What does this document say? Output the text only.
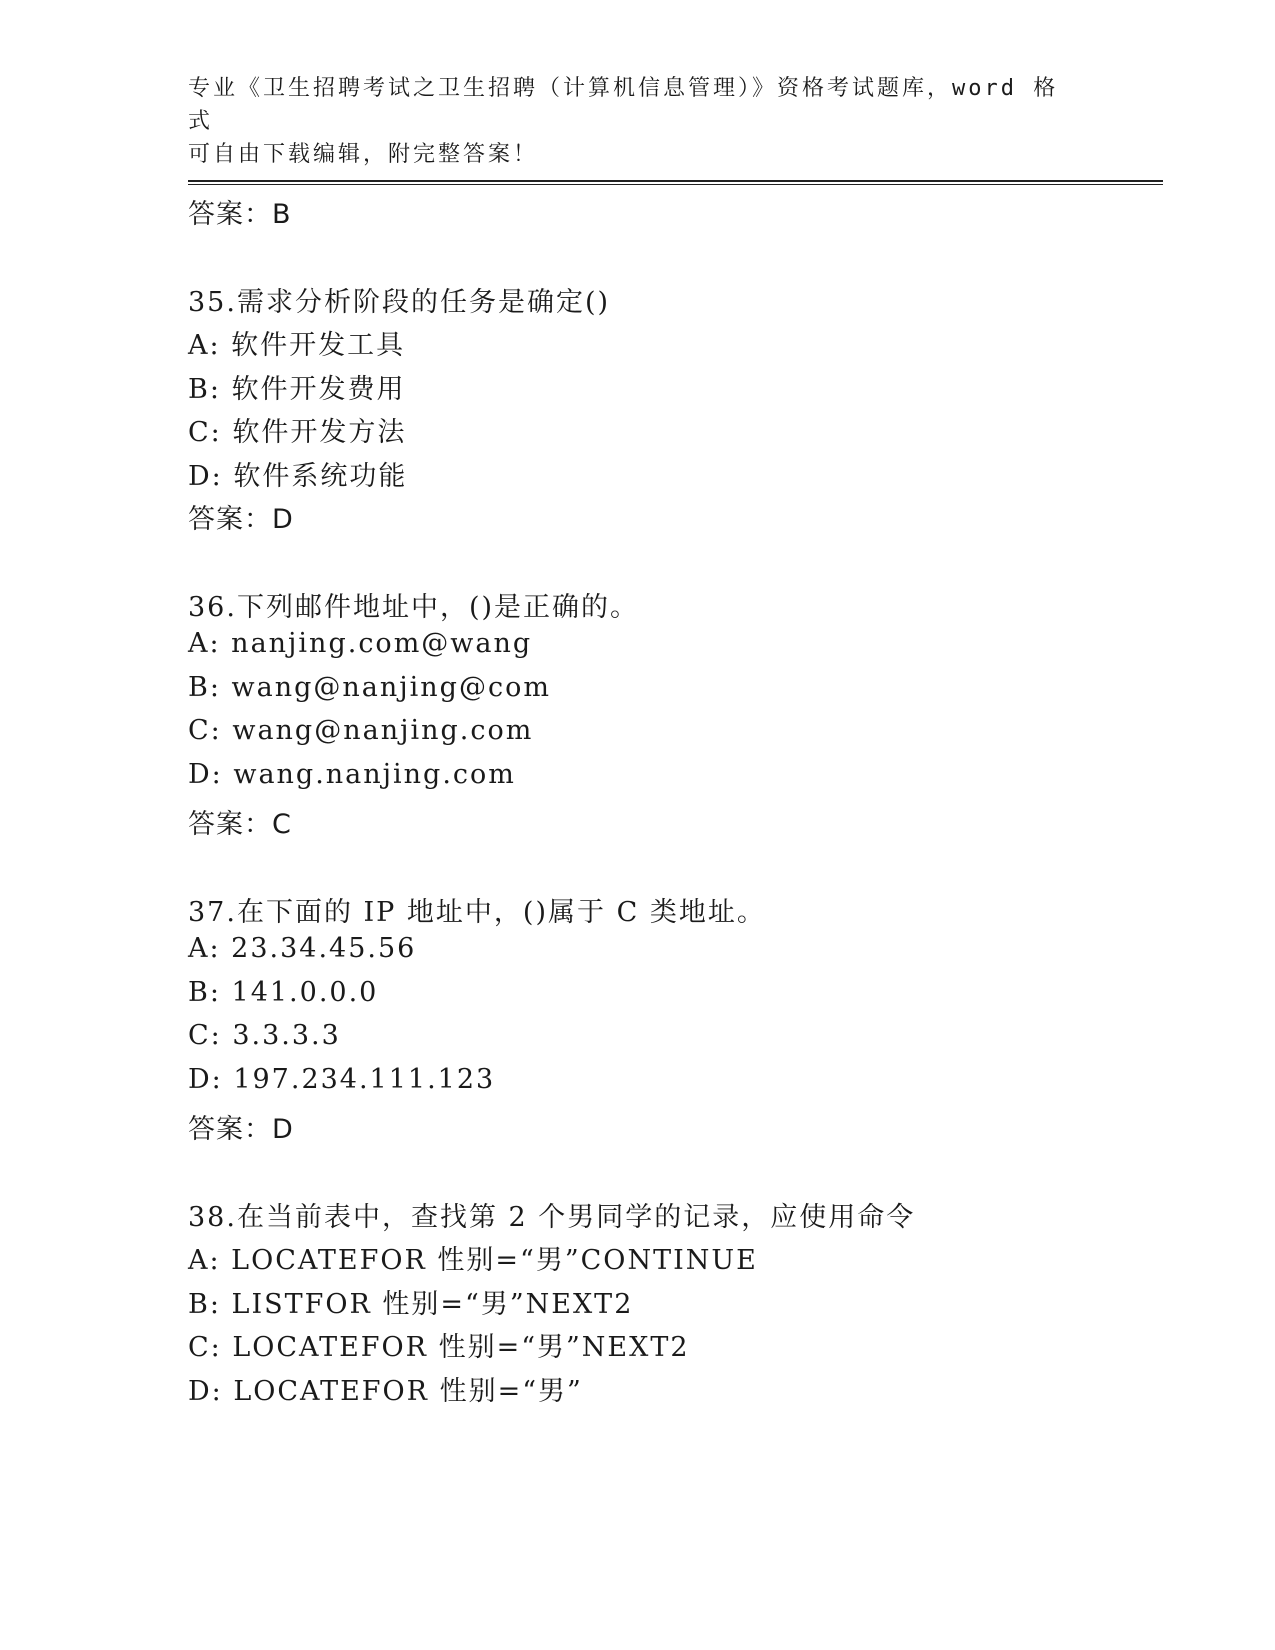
专业《卫生招聘考试之卫生招聘（计算机信息管理）》资格考试题库，word 格式
可自由下载编辑，附完整答案！
答案：B
35.需求分析阶段的任务是确定()
A: 软件开发工具
B: 软件开发费用
C: 软件开发方法
D: 软件系统功能
答案：D
36.下列邮件地址中，()是正确的。
A: nanjing.com@wang
B: wang@nanjing@com
C: wang@nanjing.com
D: wang.nanjing.com
答案：C
37.在下面的 IP 地址中，()属于 C 类地址。
A: 23.34.45.56
B: 141.0.0.0
C: 3.3.3.3
D: 197.234.111.123
答案：D
38.在当前表中，查找第 2 个男同学的记录，应使用命令
A: LOCATEFOR 性别=“男”CONTINUE
B: LISTFOR 性别=“男”NEXT2
C: LOCATEFOR 性别=“男”NEXT2
D: LOCATEFOR 性别=“男”
